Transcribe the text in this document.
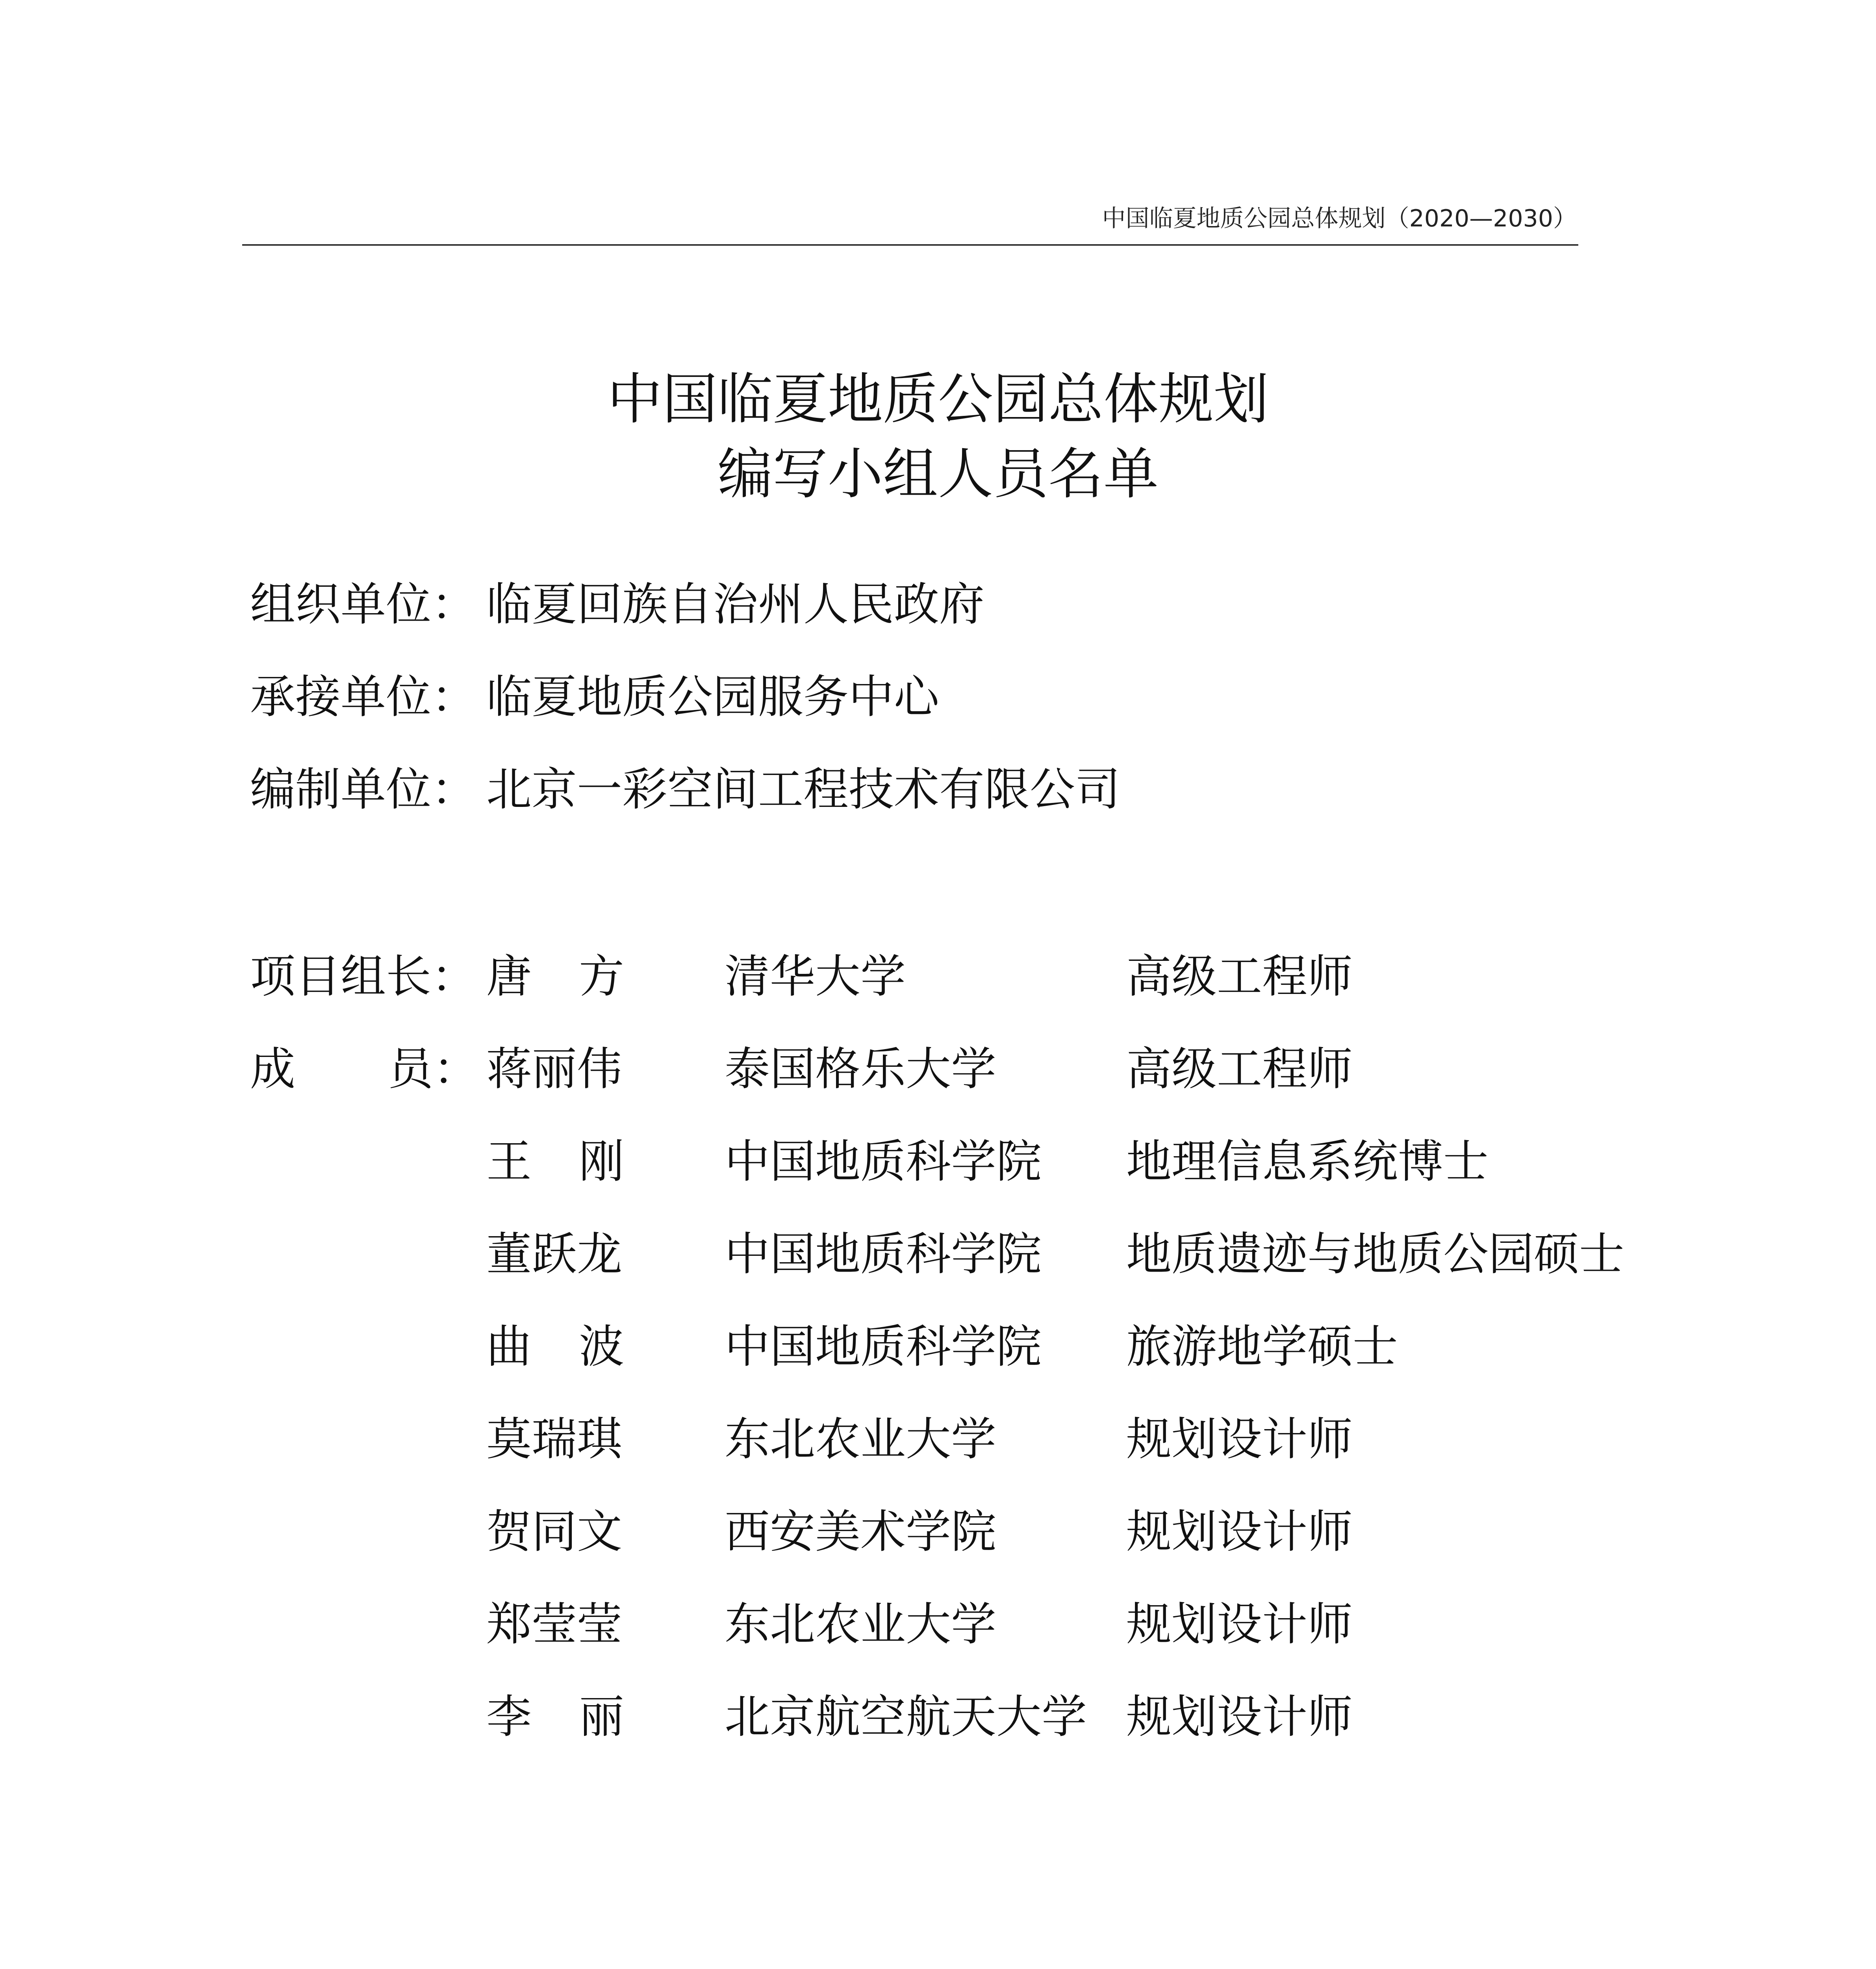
中国临夏地质公园总体规划（2020—2030）
中国临夏地质公园总体规划
编写小组人员名单
组织单位： 临夏回族自治州人民政府
承接单位： 临夏地质公园服务中心
编制单位： 北京一彩空间工程技术有限公司
项目组长： 唐 方 清华大学	高级工程师
成 员： 蒋丽伟 泰国格乐大学	高级工程师
王 刚 中国地质科学院 地理信息系统博士
董跃龙 中国地质科学院 地质遗迹与地质公园硕士
曲 波 中国地质科学院 旅游地学硕士
莫瑞琪 东北农业大学	规划设计师
贺同文 西安美术学院	规划设计师
郑莹莹 东北农业大学	规划设计师
李 丽 北京航空航天大学 规划设计师
